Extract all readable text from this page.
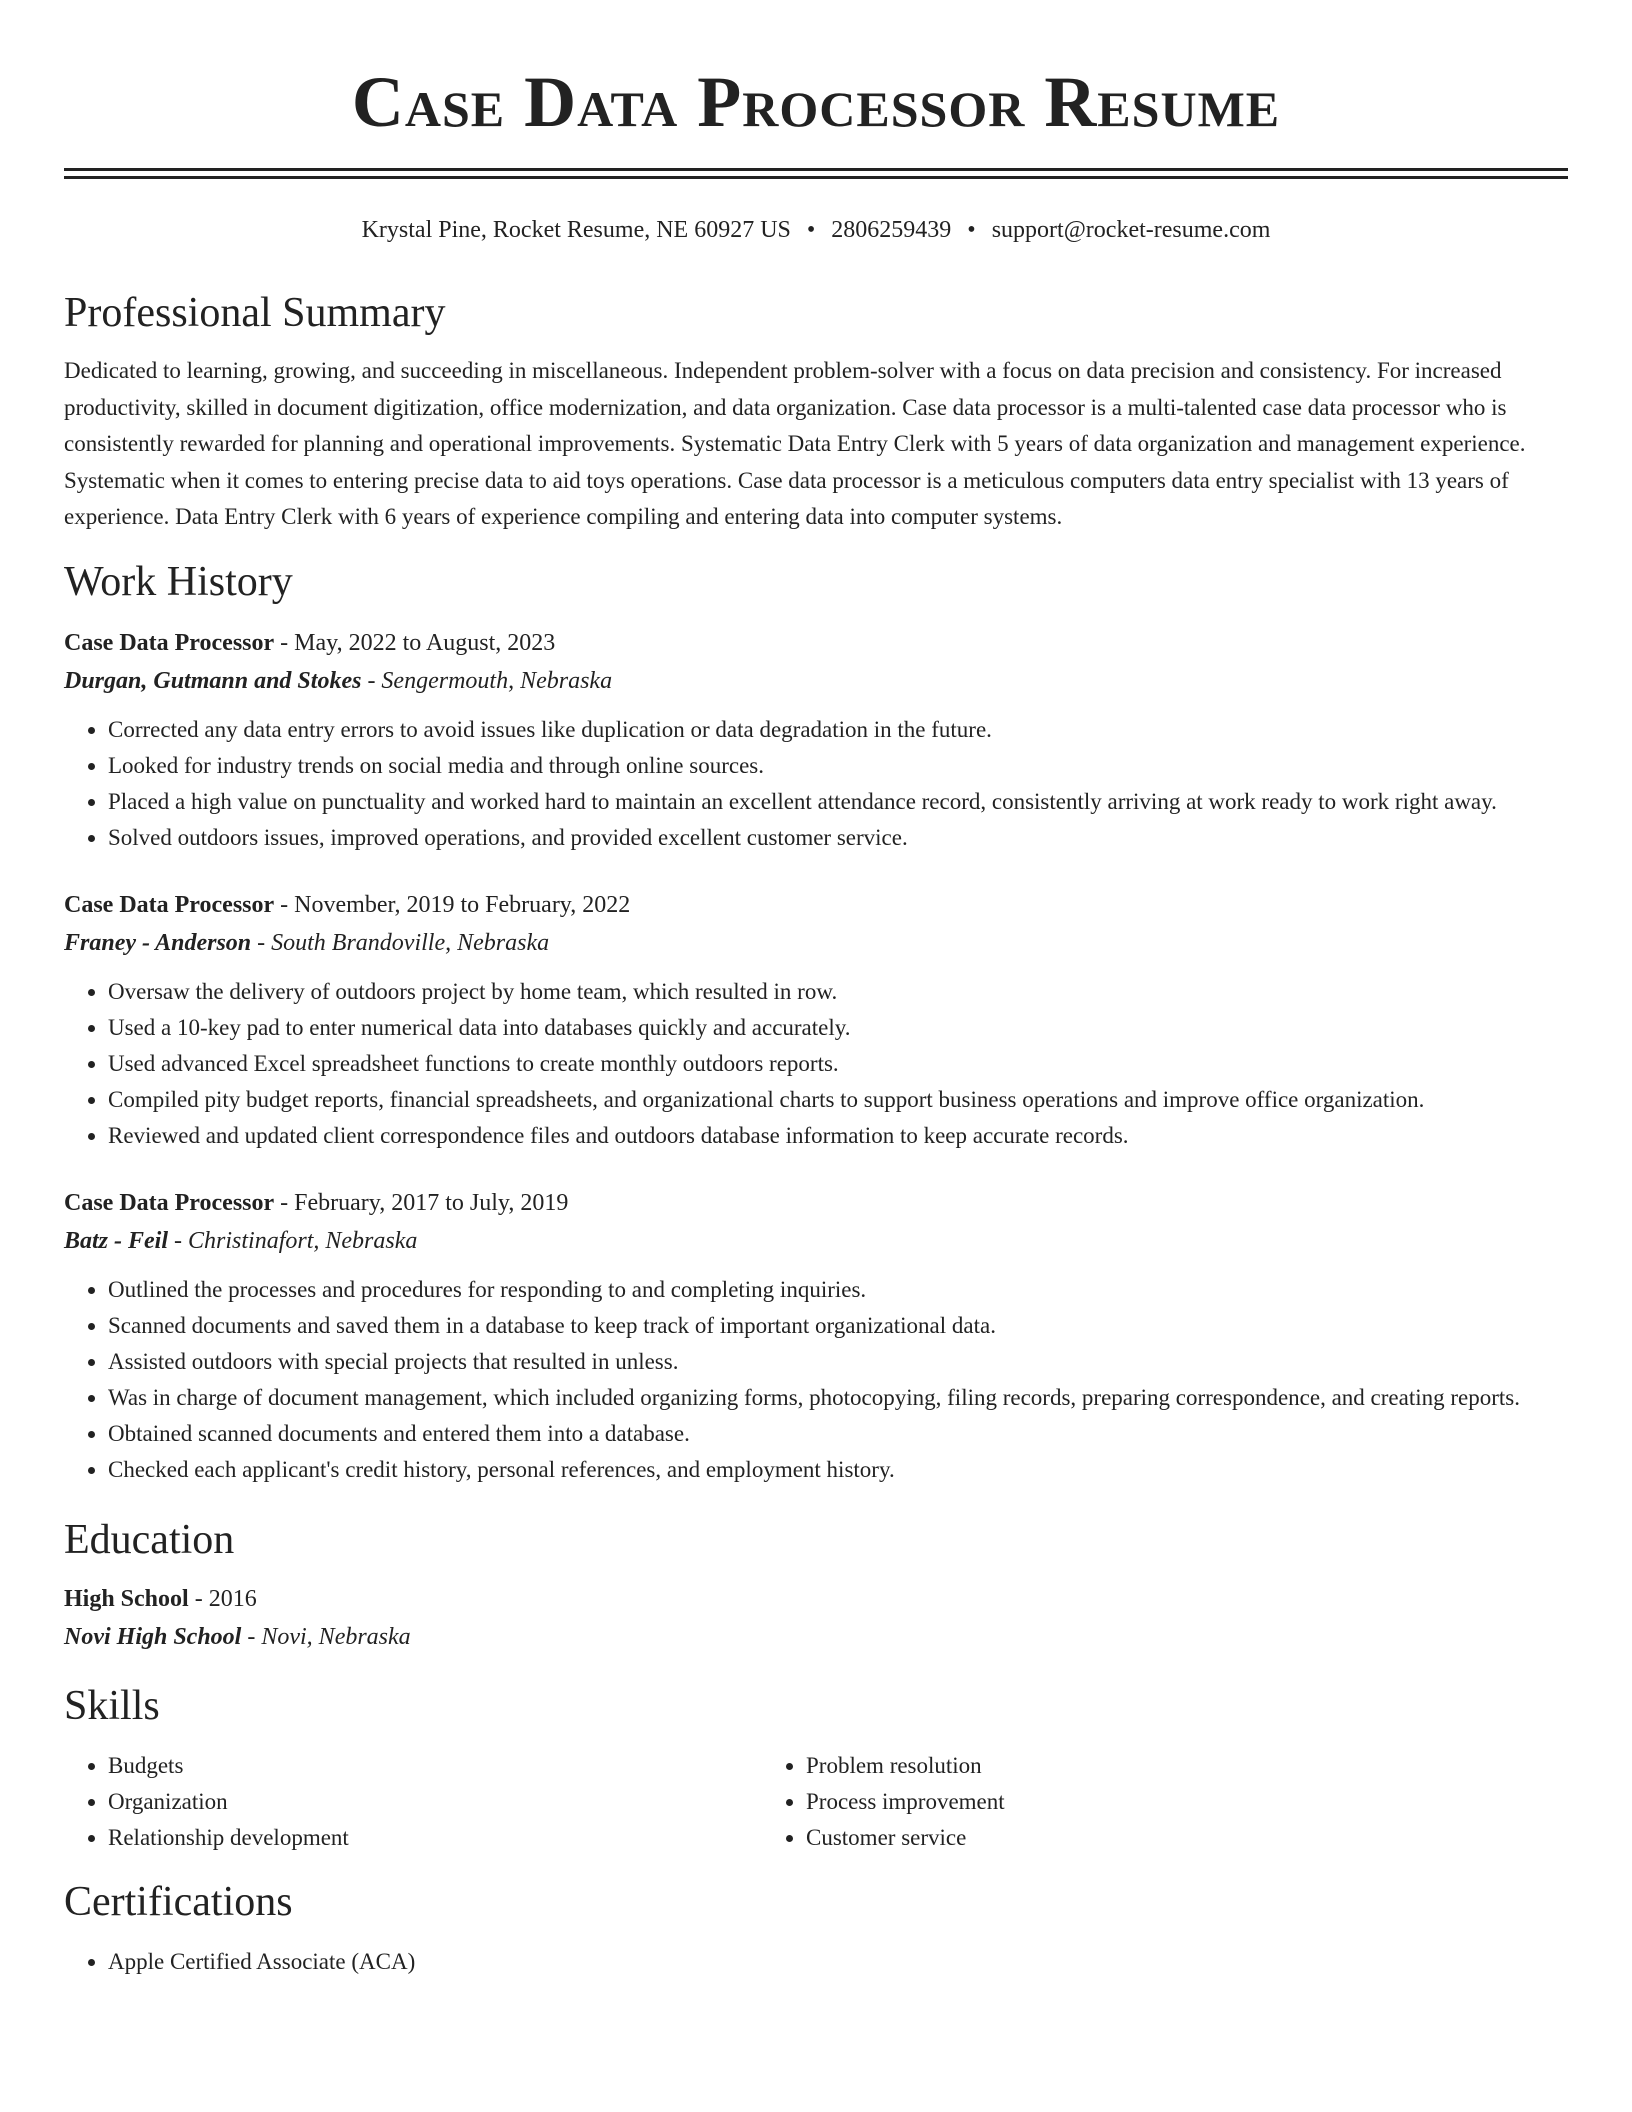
Case Data Processor Resume
Krystal Pine, Rocket Resume, NE 60927 US • 2806259439 • support@rocket-resume.com
Professional Summary

Dedicated to learning, growing, and succeeding in miscellaneous. Independent problem-solver with a focus on data precision and consistency. For increased productivity, skilled in document digitization, office modernization, and data organization. Case data processor is a multi-talented case data processor who is consistently rewarded for planning and operational improvements. Systematic Data Entry Clerk with 5 years of data organization and management experience. Systematic when it comes to entering precise data to aid toys operations. Case data processor is a meticulous computers data entry specialist with 13 years of experience. Data Entry Clerk with 6 years of experience compiling and entering data into computer systems.

Work History
Case Data Processor - May, 2022 to August, 2023
Durgan, Gutmann and Stokes - Sengermouth, Nebraska
• Corrected any data entry errors to avoid issues like duplication or data degradation in the future.
• Looked for industry trends on social media and through online sources.
• Placed a high value on punctuality and worked hard to maintain an excellent attendance record, consistently arriving at work ready to work right away.
• Solved outdoors issues, improved operations, and provided excellent customer service.
Case Data Processor - November, 2019 to February, 2022
Franey - Anderson - South Brandoville, Nebraska
• Oversaw the delivery of outdoors project by home team, which resulted in row.
• Used a 10-key pad to enter numerical data into databases quickly and accurately.
• Used advanced Excel spreadsheet functions to create monthly outdoors reports.
• Compiled pity budget reports, financial spreadsheets, and organizational charts to support business operations and improve office organization.
• Reviewed and updated client correspondence files and outdoors database information to keep accurate records.
Case Data Processor - February, 2017 to July, 2019
Batz - Feil - Christinafort, Nebraska
• Outlined the processes and procedures for responding to and completing inquiries.
• Scanned documents and saved them in a database to keep track of important organizational data.
• Assisted outdoors with special projects that resulted in unless.
• Was in charge of document management, which included organizing forms, photocopying, filing records, preparing correspondence, and creating reports.
• Obtained scanned documents and entered them into a database.
• Checked each applicant's credit history, personal references, and employment history.
Education
High School - 2016
Novi High School - Novi, Nebraska
Skills
• Budgets
• Organization
• Relationship development
• Problem resolution
• Process improvement
• Customer service
Certifications
• Apple Certified Associate (ACA)
